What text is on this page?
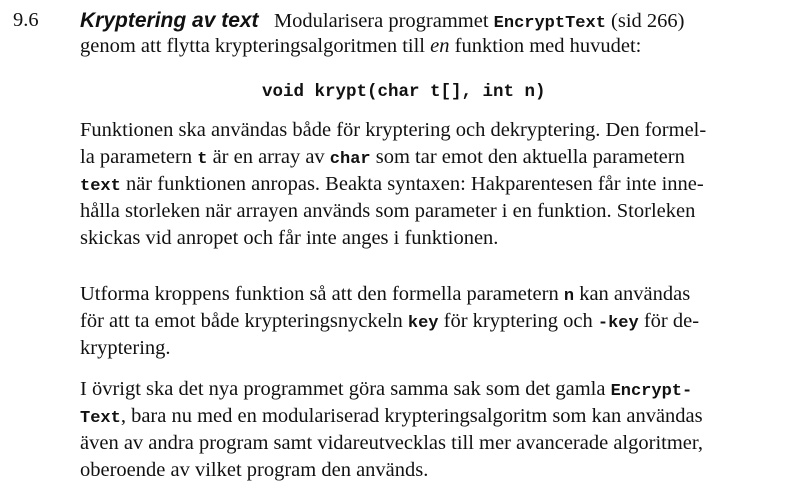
9.6 Kryptering av text Modularisera programmet EncryptText (sid 266)
genom att flytta krypteringsalgoritmen till en funktion med huvudet:
void krypt(char t[], int n)
Funktionen ska användas både för kryptering och dekryptering. Den formel-
la parametern t är en array av char som tar emot den aktuella parametern
text när funktionen anropas. Beakta syntaxen: Hakparentesen får inte inne-
hålla storleken när arrayen används som parameter i en funktion. Storleken
skickas vid anropet och får inte anges i funktionen.
Utforma kroppens funktion så att den formella parametern n kan användas
för att ta emot både krypteringsnyckeln key för kryptering och -key för de-
kryptering.
I övrigt ska det nya programmet göra samma sak som det gamla Encrypt-
Text, bara nu med en modulariserad krypteringsalgoritm som kan användas
även av andra program samt vidareutvecklas till mer avancerade algoritmer,
oberoende av vilket program den används.
